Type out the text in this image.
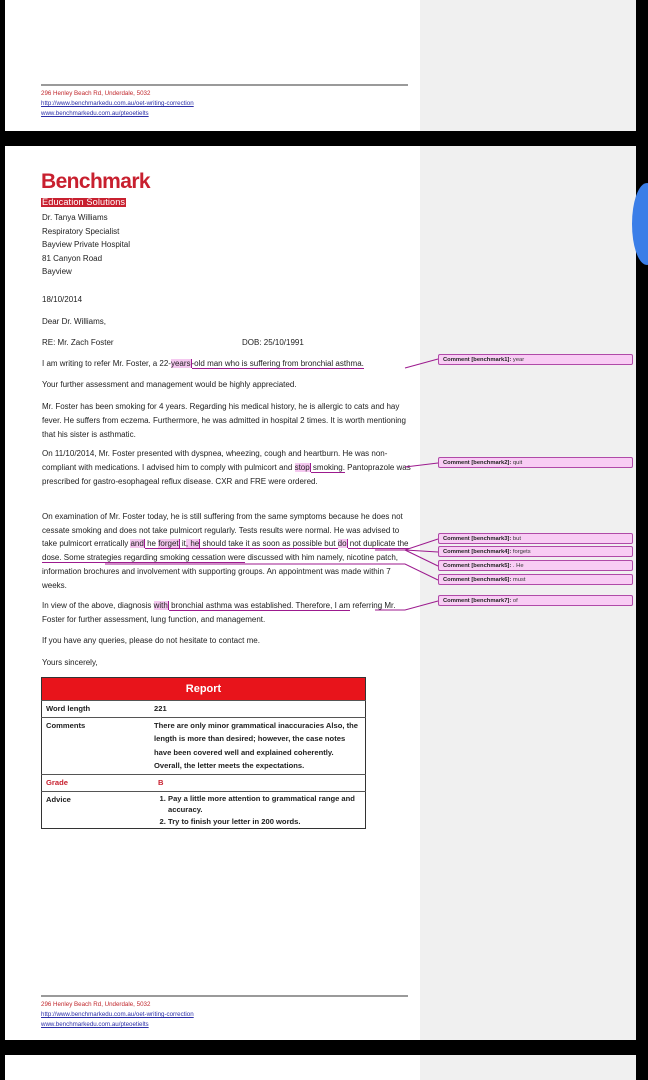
296 Henley Beach Rd, Underdale, 5032
http://www.benchmarkedu.com.au/oet-writing-correction
www.benchmarkedu.com.au/pteoetielts
Benchmark
Education Solutions
Dr. Tanya Williams
Respiratory Specialist
Bayview Private Hospital
81 Canyon Road
Bayview
18/10/2014
Dear Dr. Williams,
RE: Mr. Zach Foster	DOB: 25/10/1991
I am writing to refer Mr. Foster, a 22-years-old man who is suffering from bronchial asthma.
Your further assessment and management would be highly appreciated.
Mr. Foster has been smoking for 4 years. Regarding his medical history, he is allergic to cats and hay fever. He suffers from eczema. Furthermore, he was admitted in hospital 2 times. It is worth mentioning that his sister is asthmatic.
On 11/10/2014, Mr. Foster presented with dyspnea, wheezing, cough and heartburn. He was non-compliant with medications. I advised him to comply with pulmicort and stop smoking. Pantoprazole was prescribed for gastro-esophageal reflux disease. CXR and FRE were ordered.
On examination of Mr. Foster today, he is still suffering from the same symptoms because he does not cessate smoking and does not take pulmicort regularly. Tests results were normal. He was advised to take pulmicort erratically and he forget it, he should take it as soon as possible but do not duplicate the dose. Some strategies regarding smoking cessation were discussed with him namely, nicotine patch, information brochures and involvement with supporting groups. An appointment was made within 7 weeks.
In view of the above, diagnosis with bronchial asthma was established. Therefore, I am referring Mr. Foster for further assessment, lung function, and management.
If you have any queries, please do not hesitate to contact me.
Yours sincerely,
Comment [benchmark1]: year
Comment [benchmark2]: quit
Comment [benchmark3]: but
Comment [benchmark4]: forgets
Comment [benchmark5]: . He
Comment [benchmark6]: must
Comment [benchmark7]: of
Report	
Word length	221
Comments	There are only minor grammatical inaccuracies Also, the length is more than desired; however, the case notes have been covered well and explained coherently. Overall, the letter meets the expectations.
Grade	B
Advice	
1.Pay a little more attention to grammatical range and accuracy.
2. Try to finish your letter in 200 words.
296 Henley Beach Rd, Underdale, 5032
http://www.benchmarkedu.com.au/oet-writing-correction
www.benchmarkedu.com.au/pteoetielts
